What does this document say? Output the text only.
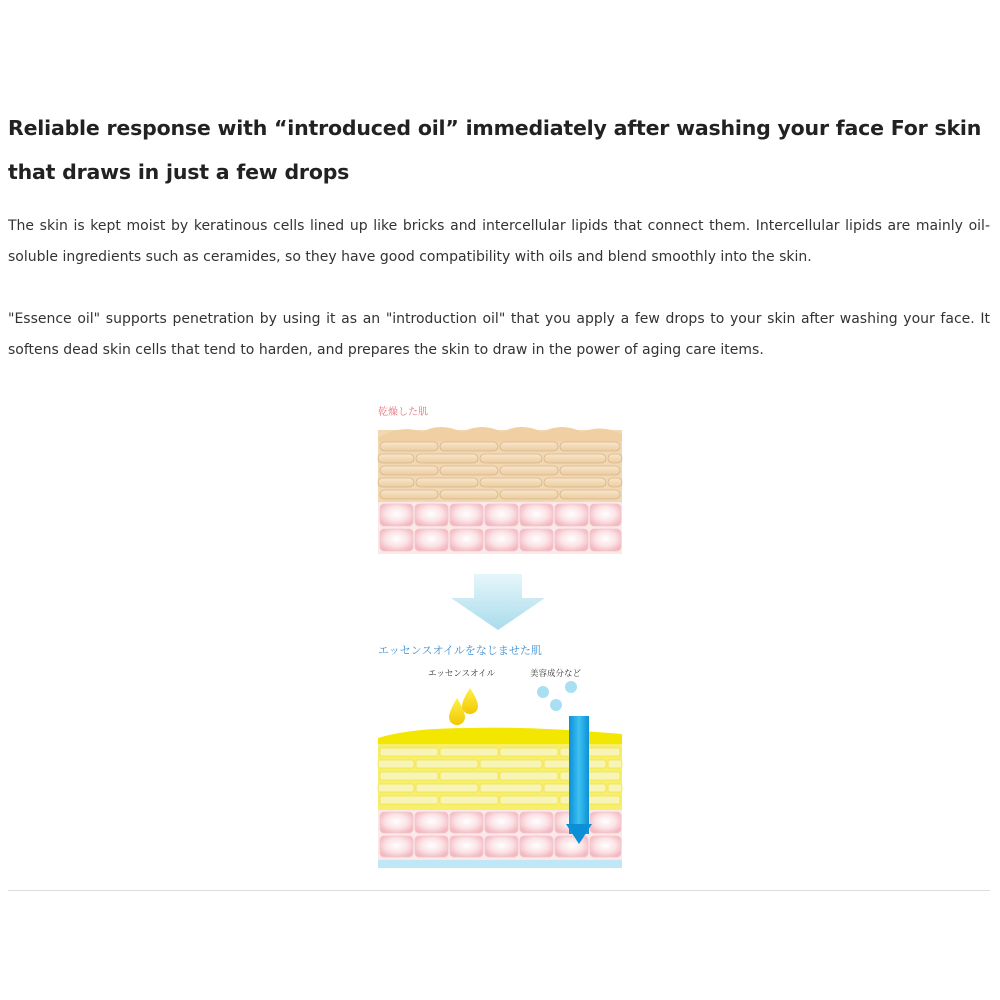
Reliable response with “introduced oil” immediately after washing your face For skin that draws in just a few drops

The skin is kept moist by keratinous cells lined up like bricks and intercellular lipids that connect them. Intercellular lipids are mainly oil-soluble ingredients such as ceramides, so they have good compatibility with oils and blend smoothly into the skin.

"Essence oil" supports penetration by using it as an "introduction oil" that you apply a few drops to your skin after washing your face. It softens dead skin cells that tend to harden, and prepares the skin to draw in the power of aging care items.

乾燥した肌
エッセンスオイルをなじませた肌
エッセンスオイル	美容成分など
